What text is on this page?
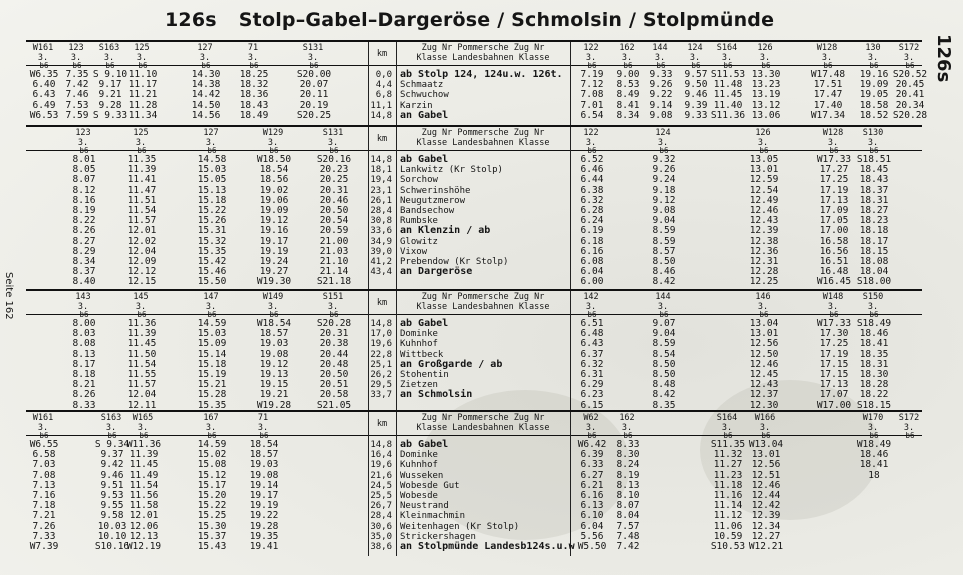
126s Stolp–Gabel–Dargeröse / Schmolsin / Stolpmünde
126s
Seite 162
W161
3.
123
3.
S163
3.
125
3.
127
3.
71
3.
S131
3.
122
3.
162
3.
144
3.
124
3.
S164
3.
126
3.
W128
3.
130
3.
S172
3.
km
Zug Nr Pommersche Zug Nr
Klasse Landesbahnen Klasse
0,0
4,4
6,8
11,1
14,8
ab Stolp 124, 124u.w. 126t.
Schmaatz
Schwuchow
Karzin
an Gabel
b6
W6.35
6.40
6.43
6.49
W6.53
b6
7.35
7.42
7.46
7.53
7.59
b6
S 9.10
9.17
9.21
9.28
S 9.33
b6
11.10
11.17
11.21
11.28
11.34
b6
14.30
14.38
14.42
14.50
14.56
b6
18.25
18.32
18.36
18.43
18.49
b6
S20.00
20.07
20.11
20.19
S20.25
b6
7.19
7.12
7.08
7.01
6.54
b6
9.00
8.53
8.49
8.41
8.34
b6
9.33
9.26
9.22
9.14
9.08
b6
9.57
9.50
9.46
9.39
9.33
b6
S11.53
11.48
11.45
11.40
S11.36
b6
13.30
13.23
13.19
13.12
13.06
b6
W17.48
17.51
17.47
17.40
W17.34
b6
19.16
19.09
19.05
18.58
18.52
b6
S20.52
20.45
20.41
20.34
S20.28
123
3.
125
3.
127
3.
W129
3.
S131
3.
122
3.
124
3.
126
3.
W128
3.
S130
3.
km
Zug Nr Pommersche Zug Nr
Klasse Landesbahnen Klasse
14,8
18,1
19,4
23,1
26,1
28,4
30,8
33,6
34,9
39,0
41,2
43,4
ab Gabel
Lankwitz (Kr Stolp)
Sorchow
Schwerinshöhe
Neugutzmerow
Bandsechow
Rumbske
an Klenzin / ab
Glowitz
Vixow
Prebendow (Kr Stolp)
an Dargeröse
b6
8.01
8.05
8.07
8.12
8.16
8.19
8.22
8.26
8.27
8.29
8.34
8.37
8.40
b6
11.35
11.39
11.41
11.47
11.51
11.54
11.57
12.01
12.02
12.04
12.09
12.12
12.15
b6
14.58
15.03
15.05
15.13
15.18
15.22
15.26
15.31
15.32
15.35
15.42
15.46
15.50
b6
W18.50
18.54
18.56
19.02
19.06
19.09
19.12
19.16
19.17
19.19
19.24
19.27
W19.30
b6
S20.16
20.23
20.25
20.31
20.46
20.50
20.54
20.59
21.00
21.03
21.10
21.14
S21.18
b6
6.52
6.46
6.44
6.38
6.32
6.28
6.24
6.19
6.18
6.16
6.08
6.04
6.00
b6
9.32
9.26
9.24
9.18
9.12
9.08
9.04
8.59
8.59
8.57
8.50
8.46
8.42
b6
13.05
13.01
12.59
12.54
12.49
12.46
12.43
12.39
12.38
12.36
12.31
12.28
12.25
b6
W17.33
17.27
17.25
17.19
17.13
17.09
17.05
17.00
16.58
16.56
16.51
16.48
W16.45
b6
S18.51
18.45
18.43
18.37
18.31
18.27
18.23
18.18
18.17
18.15
18.08
18.04
S18.00
143
3.
145
3.
147
3.
W149
3.
S151
3.
142
3.
144
3.
146
3.
W148
3.
S150
3.
km
Zug Nr Pommersche Zug Nr
Klasse Landesbahnen Klasse
14,8
17,0
19,6
22,8
25,1
26,2
29,5
33,7
ab Gabel
Dominke
Kuhnhof
Wittbeck
an Großgarde / ab
Stohentin
Zietzen
an Schmolsin
b6
8.00
8.03
8.08
8.13
8.17
8.18
8.21
8.26
8.33
b6
11.36
11.39
11.45
11.50
11.54
11.55
11.57
12.04
12.11
b6
14.59
15.03
15.09
15.14
15.18
15.19
15.21
15.28
15.35
b6
W18.54
18.57
19.03
19.08
19.12
19.13
19.15
19.21
W19.28
b6
S20.28
20.31
20.38
20.44
20.48
20.50
20.51
20.58
S21.05
b6
6.51
6.48
6.43
6.37
6.32
6.31
6.29
6.23
6.15
b6
9.07
9.04
8.59
8.54
8.50
8.50
8.48
8.42
8.35
b6
13.04
13.01
12.56
12.50
12.46
12.45
12.43
12.37
12.30
b6
W17.33
17.30
17.25
17.19
17.15
17.15
17.13
17.07
W17.00
b6
S18.49
18.46
18.41
18.35
18.31
18.30
18.28
18.22
S18.15
W161
3.
S163
3.
W165
3.
167
3.
71
3.
W62
3.
162
3.
S164
3.
W166
3.
W170
3.
S172
3.
km
Zug Nr Pommersche Zug Nr
Klasse Landesbahnen Klasse
14,8
16,4
19,6
21,6
24,5
25,5
26,7
28,4
30,6
35,0
38,6
ab Gabel
Dominke
Kuhnhof
Wusseken
Wobesde Gut
Wobesde
Neustrand
Kleinmachmin
Weitenhagen (Kr Stolp)
Strickershagen
an Stolpmünde Landesb124s.u.w
b6
W6.55
6.58
7.03
7.08
7.13
7.16
7.18
7.21
7.26
7.33
W7.39
b6
S 9.34
9.37
9.42
9.46
9.51
9.53
9.55
9.58
10.03
10.10
S10.16
b6
W11.36
11.39
11.45
11.49
11.54
11.56
11.58
12.01
12.06
12.13
W12.19
b6
14.59
15.02
15.08
15.12
15.17
15.20
15.22
15.25
15.30
15.37
15.43
b6
18.54
18.57
19.03
19.08
19.14
19.17
19.19
19.22
19.28
19.35
19.41
b6
W6.42
6.39
6.33
6.27
6.21
6.16
6.13
6.10
6.04
5.56
W5.50
b6
8.33
8.30
8.24
8.19
8.13
8.10
8.07
8.04
7.57
7.48
7.42
b6
S11.35
11.32
11.27
11.23
11.18
11.16
11.14
11.12
11.06
10.59
S10.53
b6
W13.04
13.01
12.56
12.51
12.46
12.44
12.42
12.39
12.34
12.27
W12.21
b6
W18.49
18.46
18.41
18
b6
